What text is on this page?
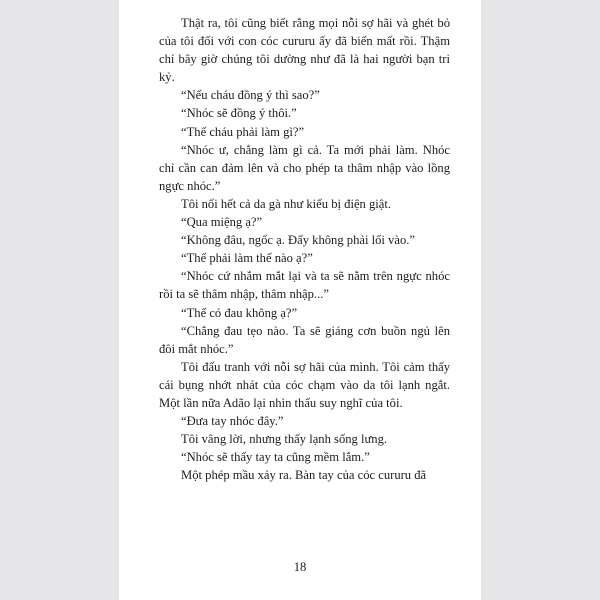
Thật ra, tôi cũng biết rằng mọi nỗi sợ hãi và ghét bỏ của tôi đối với con cóc cururu ấy đã biến mất rồi. Thậm chí bây giờ chúng tôi dường như đã là hai người bạn tri kỷ.

“Nếu cháu đồng ý thì sao?”

“Nhóc sẽ đồng ý thôi.”

“Thế cháu phải làm gì?”

“Nhóc ư, chẳng làm gì cả. Ta mới phải làm. Nhóc chỉ cần can đảm lên và cho phép ta thâm nhập vào lồng ngực nhóc.”

Tôi nổi hết cả da gà như kiểu bị điện giật.

“Qua miệng ạ?”

“Không đâu, ngốc ạ. Đấy không phải lối vào.”

“Thế phải làm thế nào ạ?”

“Nhóc cứ nhắm mắt lại và ta sẽ nằm trên ngực nhóc rồi ta sẽ thâm nhập, thâm nhập...”

“Thế có đau không ạ?”

“Chẳng đau tẹo nào. Ta sẽ giáng cơn buồn ngủ lên đôi mắt nhóc.”

Tôi đấu tranh với nỗi sợ hãi của mình. Tôi cảm thấy cái bụng nhớt nhát của cóc chạm vào da tôi lạnh ngắt. Một lần nữa Adão lại nhìn thấu suy nghĩ của tôi.

“Đưa tay nhóc đây.”

Tôi vâng lời, nhưng thấy lạnh sống lưng.

“Nhóc sẽ thấy tay ta cũng mềm lắm.”

Một phép mầu xảy ra. Bàn tay của cóc cururu đã

18
